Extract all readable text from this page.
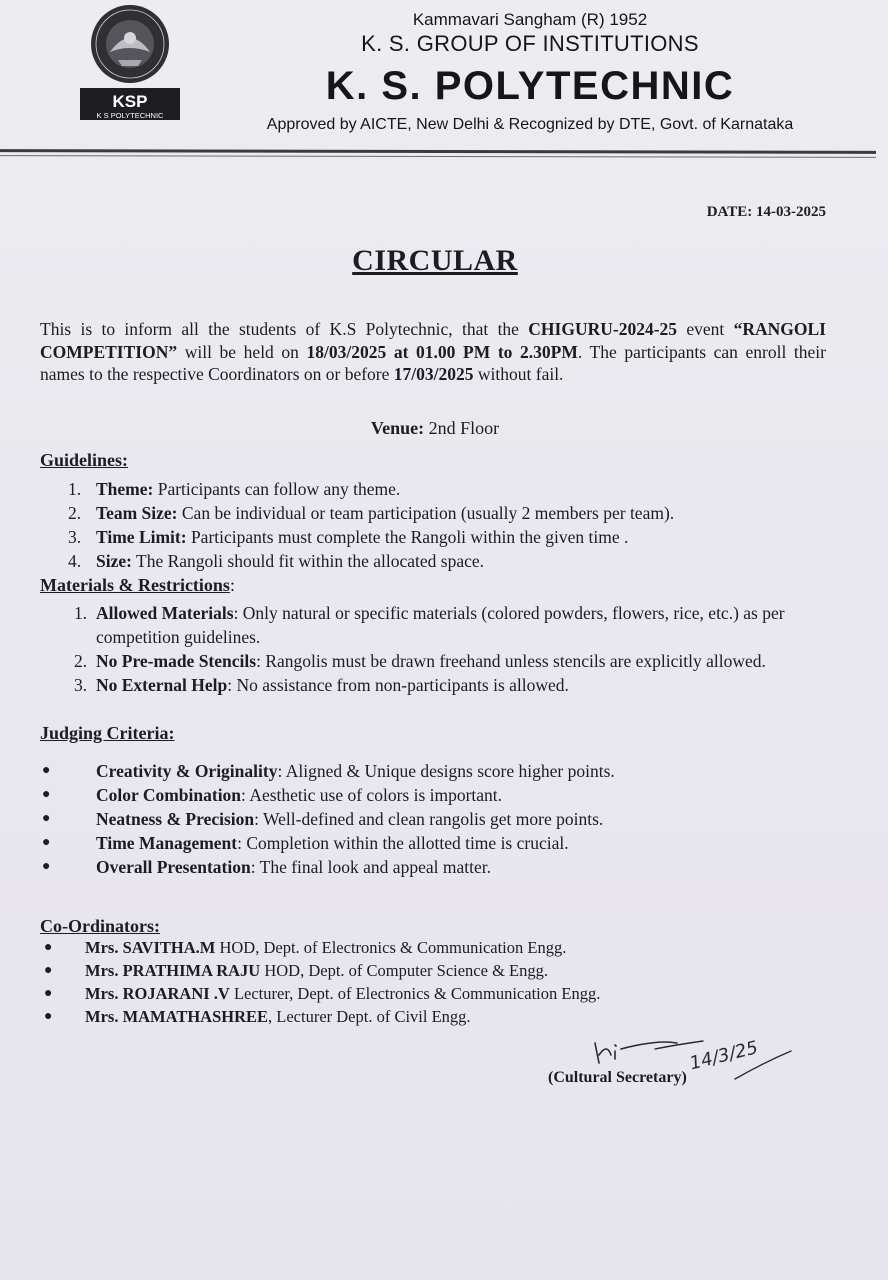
KSP
K S POLYTECHNIC
Kammavari Sangham (R) 1952
K. S. GROUP OF INSTITUTIONS
K. S. POLYTECHNIC
Approved by AICTE, New Delhi & Recognized by DTE, Govt. of Karnataka
DATE: 14-03-2025
CIRCULAR
This is to inform all the students of K.S Polytechnic, that the CHIGURU-2024-25 event “RANGOLI COMPETITION” will be held on 18/03/2025 at 01.00 PM to 2.30PM. The participants can enroll their names to the respective Coordinators on or before 17/03/2025 without fail.
Venue: 2nd Floor
Guidelines:
1. Theme: Participants can follow any theme.
2. Team Size: Can be individual or team participation (usually 2 members per team).
3. Time Limit: Participants must complete the Rangoli within the given time .
4. Size: The Rangoli should fit within the allocated space.
Materials & Restrictions:
1. Allowed Materials: Only natural or specific materials (colored powders, flowers, rice, etc.) as per competition guidelines.
2. No Pre-made Stencils: Rangolis must be drawn freehand unless stencils are explicitly allowed.
3. No External Help: No assistance from non-participants is allowed.
Judging Criteria:
●	Creativity & Originality: Aligned & Unique designs score higher points.
●	Color Combination: Aesthetic use of colors is important.
●	Neatness & Precision: Well-defined and clean rangolis get more points.
●	Time Management: Completion within the allotted time is crucial.
●	Overall Presentation: The final look and appeal matter.
Co-Ordinators:
● Mrs. SAVITHA.M HOD, Dept. of Electronics & Communication Engg.
● Mrs. PRATHIMA RAJU HOD, Dept. of Computer Science & Engg.
● Mrs. ROJARANI .V Lecturer, Dept. of Electronics & Communication Engg.
● Mrs. MAMATHASHREE, Lecturer Dept. of Civil Engg.
14/3/25
(Cultural Secretary)
